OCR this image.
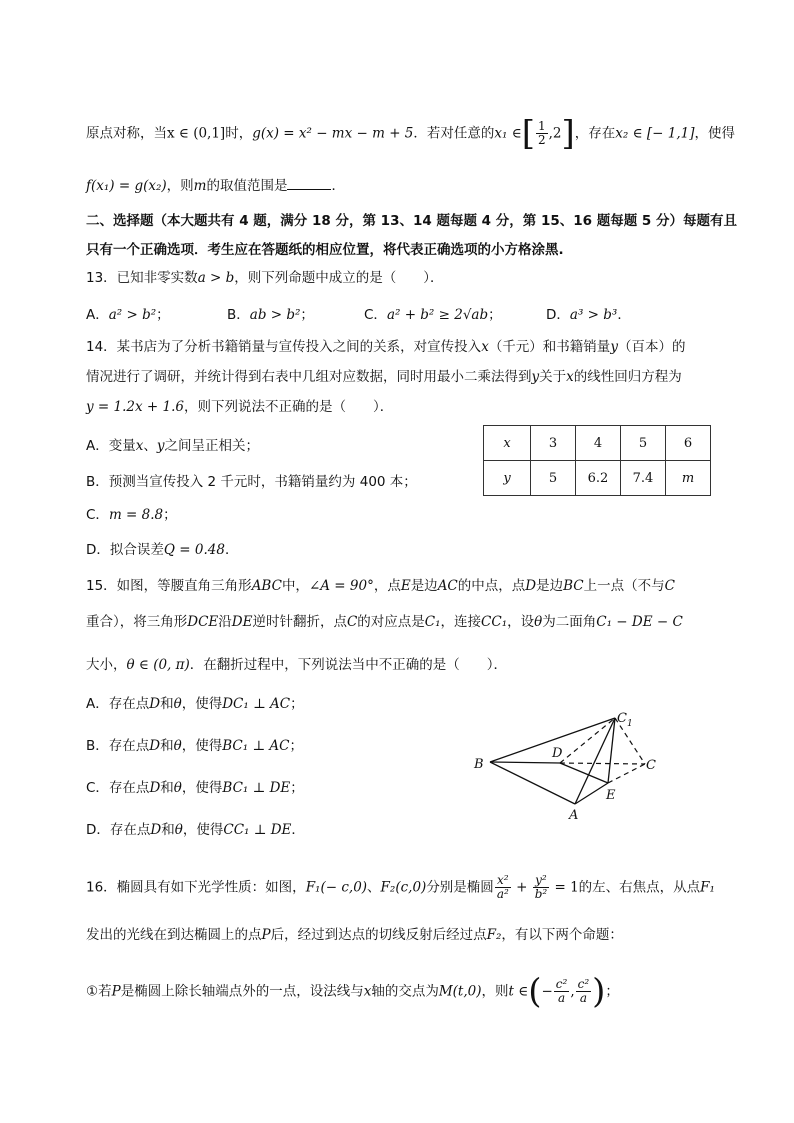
原点对称，当x ∈ (0,1]时，g(x) = x² − mx − m + 5．若对任意的x₁ ∈[ $\frac{1}{2} ,2$]，存在x₂ ∈ [− 1,1]，使得
f(x₁) = g(x₂)，则m的取值范围是	．
二、选择题（本大题共有 4 题，满分 18 分，第 13、14 题每题 4 分，第 15、16 题每题 5 分）每题有且
只有一个正确选项．考生应在答题纸的相应位置，将代表正确选项的小方格涂黑.
13．已知非零实数a > b，则下列命题中成立的是（　　）．
A．a² > b²；	B．ab > b²；	C．a² + b² ≥ 2√ab；	D．a³ > b³．
14．某书店为了分析书籍销量与宣传投入之间的关系，对宣传投入x（千元）和书籍销量y（百本）的
情况进行了调研，并统计得到右表中几组对应数据，同时用最小二乘法得到y关于x的线性回归方程为
y = 1.2x + 1.6，则下列说法不正确的是（　　）．
A．变量x、y之间呈正相关；
B．预测当宣传投入 2 千元时，书籍销量约为 400 本；
C．m = 8.8；
D．拟合误差Q = 0.48．
x	3	4	5	6
y	5	6.2	7.4	m
15．如图，等腰直角三角形ABC中，∠A = 90°，点E是边AC的中点，点D是边BC上一点（不与C
重合），将三角形DCE沿DE逆时针翻折，点C的对应点是C₁，连接CC₁，设θ为二面角C₁ − DE − C
大小，θ ∈ (0, π)．在翻折过程中，下列说法当中不正确的是（　　）．
A．存在点D和θ，使得DC₁ ⊥ AC；
B．存在点D和θ，使得BC₁ ⊥ AC；
C．存在点D和θ，使得BC₁ ⊥ DE；
D．存在点D和θ，使得CC₁ ⊥ DE．
B
D
$C_1$
C
E
A
16．椭圆具有如下光学性质：如图，F₁(− c,0)、F₂(c,0)分别是椭圆 $\frac{\text{x²}}{\text{a²}} + \frac{\text{y²}}{\text{b²}} = 1$的左、右焦点，从点F₁
发出的光线在到达椭圆上的点P后，经过到达点的切线反射后经过点F₂，有以下两个命题：
①若P是椭圆上除长轴端点外的一点，设法线与x轴的交点为M(t,0)，则t ∈(− $\frac{\text{c²}}{a}$ , $\frac{\text{c²}}{a}$ )；
